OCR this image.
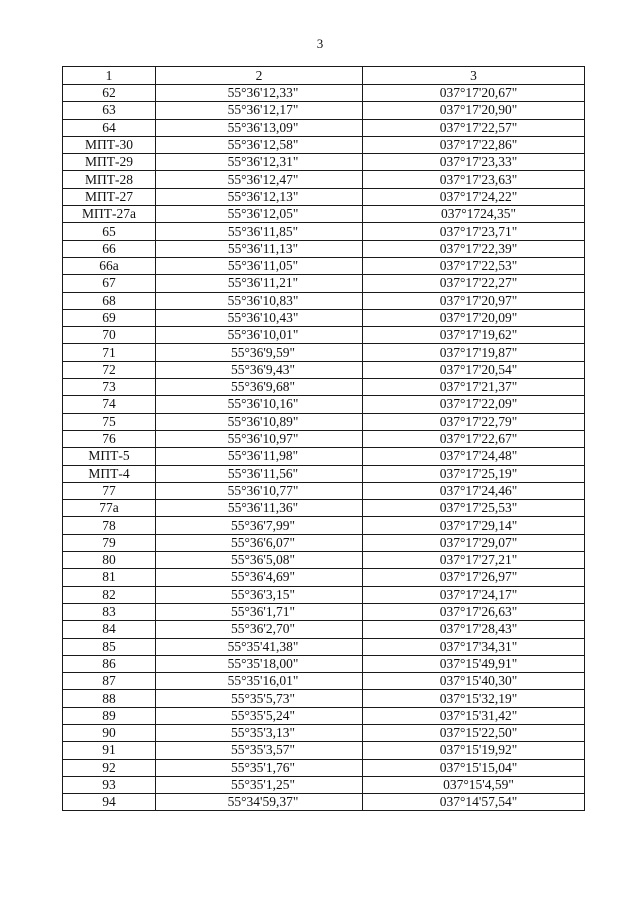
3
1	2	3
62	55°36'12,33"	037°17'20,67"
63	55°36'12,17"	037°17'20,90"
64	55°36'13,09"	037°17'22,57"
МПТ-30	55°36'12,58"	037°17'22,86"
МПТ-29	55°36'12,31"	037°17'23,33"
МПТ-28	55°36'12,47"	037°17'23,63"
МПТ-27	55°36'12,13"	037°17'24,22"
МПТ-27а	55°36'12,05"	037°1724,35"
65	55°36'11,85"	037°17'23,71"
66	55°36'11,13"	037°17'22,39"
66а	55°36'11,05"	037°17'22,53"
67	55°36'11,21"	037°17'22,27"
68	55°36'10,83"	037°17'20,97"
69	55°36'10,43"	037°17'20,09"
70	55°36'10,01"	037°17'19,62"
71	55°36'9,59"	037°17'19,87"
72	55°36'9,43"	037°17'20,54"
73	55°36'9,68"	037°17'21,37"
74	55°36'10,16"	037°17'22,09"
75	55°36'10,89"	037°17'22,79"
76	55°36'10,97"	037°17'22,67"
МПТ-5	55°36'11,98"	037°17'24,48"
МПТ-4	55°36'11,56"	037°17'25,19"
77	55°36'10,77"	037°17'24,46"
77а	55°36'11,36"	037°17'25,53"
78	55°36'7,99"	037°17'29,14"
79	55°36'6,07"	037°17'29,07"
80	55°36'5,08"	037°17'27,21"
81	55°36'4,69"	037°17'26,97"
82	55°36'3,15"	037°17'24,17"
83	55°36'1,71"	037°17'26,63"
84	55°36'2,70"	037°17'28,43"
85	55°35'41,38"	037°17'34,31"
86	55°35'18,00"	037°15'49,91"
87	55°35'16,01"	037°15'40,30"
88	55°35'5,73"	037°15'32,19"
89	55°35'5,24"	037°15'31,42"
90	55°35'3,13"	037°15'22,50"
91	55°35'3,57"	037°15'19,92"
92	55°35'1,76"	037°15'15,04"
93	55°35'1,25"	037°15'4,59"
94	55°34'59,37"	037°14'57,54"
